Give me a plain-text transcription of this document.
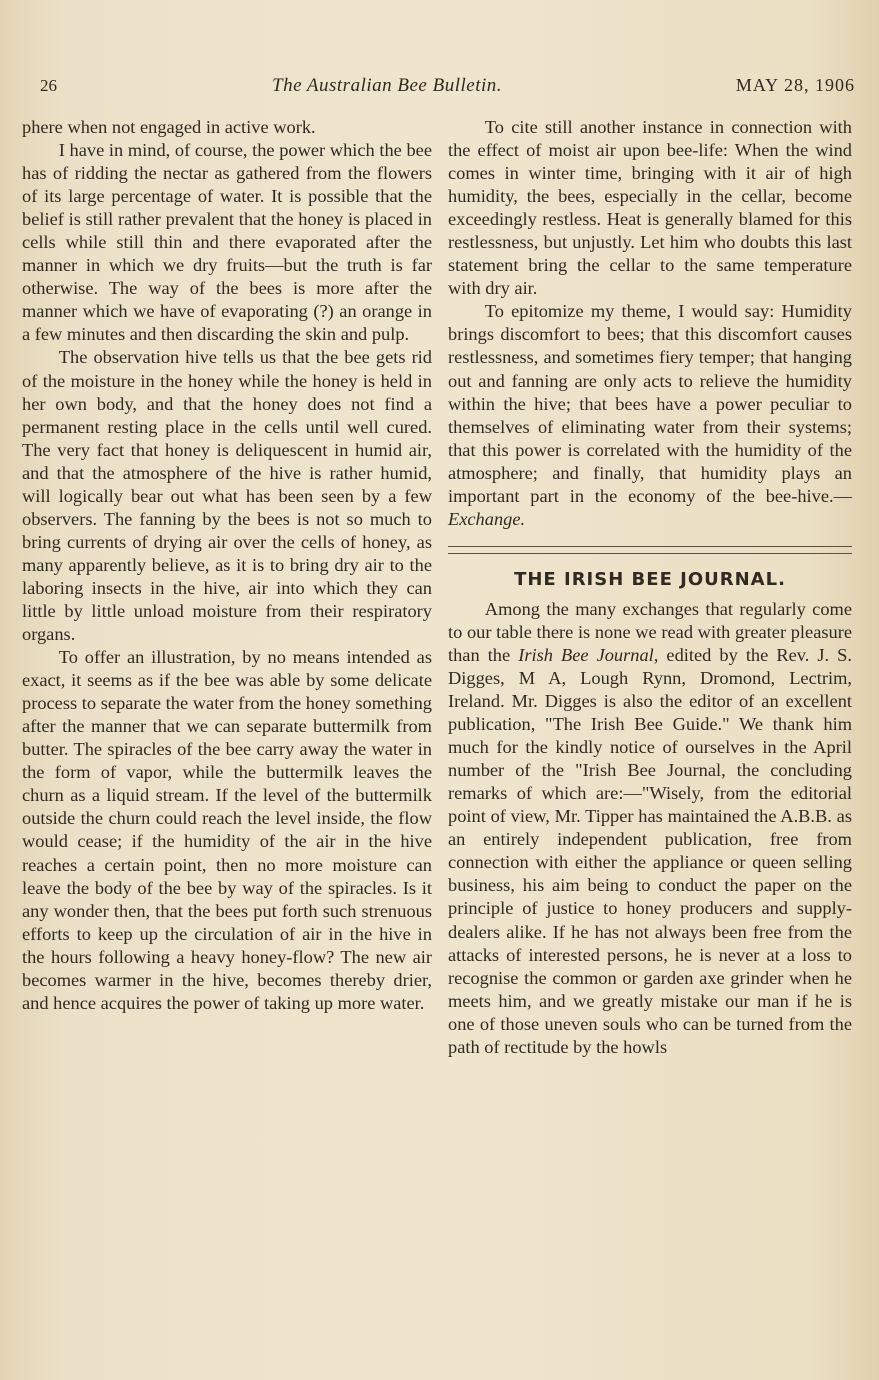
26	The Australian Bee Bulletin.	MAY 28, 1906

phere when not engaged in active work.

I have in mind, of course, the power which the bee has of ridding the nectar as gathered from the flowers of its large percentage of water. It is possible that the belief is still rather prevalent that the honey is placed in cells while still thin and there evaporated after the manner in which we dry fruits—but the truth is far otherwise. The way of the bees is more after the manner which we have of evaporating (?) an orange in a few minutes and then discarding the skin and pulp.

The observation hive tells us that the bee gets rid of the moisture in the honey while the honey is held in her own body, and that the honey does not find a permanent resting place in the cells until well cured. The very fact that honey is deliquescent in humid air, and that the atmosphere of the hive is rather humid, will logically bear out what has been seen by a few observers. The fanning by the bees is not so much to bring currents of drying air over the cells of honey, as many apparently believe, as it is to bring dry air to the laboring insects in the hive, air into which they can little by little unload moisture from their respiratory organs.

To offer an illustration, by no means intended as exact, it seems as if the bee was able by some delicate process to separate the water from the honey something after the manner that we can separate buttermilk from butter. The spiracles of the bee carry away the water in the form of vapor, while the buttermilk leaves the churn as a liquid stream. If the level of the buttermilk outside the churn could reach the level inside, the flow would cease; if the humidity of the air in the hive reaches a certain point, then no more moisture can leave the body of the bee by way of the spiracles. Is it any wonder then, that the bees put forth such strenuous efforts to keep up the circulation of air in the hive in the hours following a heavy honey-flow? The new air becomes warmer in the hive, becomes thereby drier, and hence acquires the power of taking up more water.

To cite still another instance in connection with the effect of moist air upon bee-life: When the wind comes in winter time, bringing with it air of high humidity, the bees, especially in the cellar, become exceedingly restless. Heat is generally blamed for this restlessness, but unjustly. Let him who doubts this last statement bring the cellar to the same temperature with dry air.

To epitomize my theme, I would say: Humidity brings discomfort to bees; that this discomfort causes restlessness, and sometimes fiery temper; that hanging out and fanning are only acts to relieve the humidity within the hive; that bees have a power peculiar to themselves of eliminating water from their systems; that this power is correlated with the humidity of the atmosphere; and finally, that humidity plays an important part in the economy of the bee-hive.—Exchange.

THE IRISH BEE JOURNAL.

Among the many exchanges that regularly come to our table there is none we read with greater pleasure than the Irish Bee Journal, edited by the Rev. J. S. Digges, M A, Lough Rynn, Dromond, Lectrim, Ireland. Mr. Digges is also the editor of an excellent publication, "The Irish Bee Guide." We thank him much for the kindly notice of ourselves in the April number of the "Irish Bee Journal, the concluding remarks of which are:—"Wisely, from the editorial point of view, Mr. Tipper has maintained the A.B.B. as an entirely independent publication, free from connection with either the appliance or queen selling business, his aim being to conduct the paper on the principle of justice to honey producers and supply-dealers alike. If he has not always been free from the attacks of interested persons, he is never at a loss to recognise the common or garden axe grinder when he meets him, and we greatly mistake our man if he is one of those uneven souls who can be turned from the path of rectitude by the howls
